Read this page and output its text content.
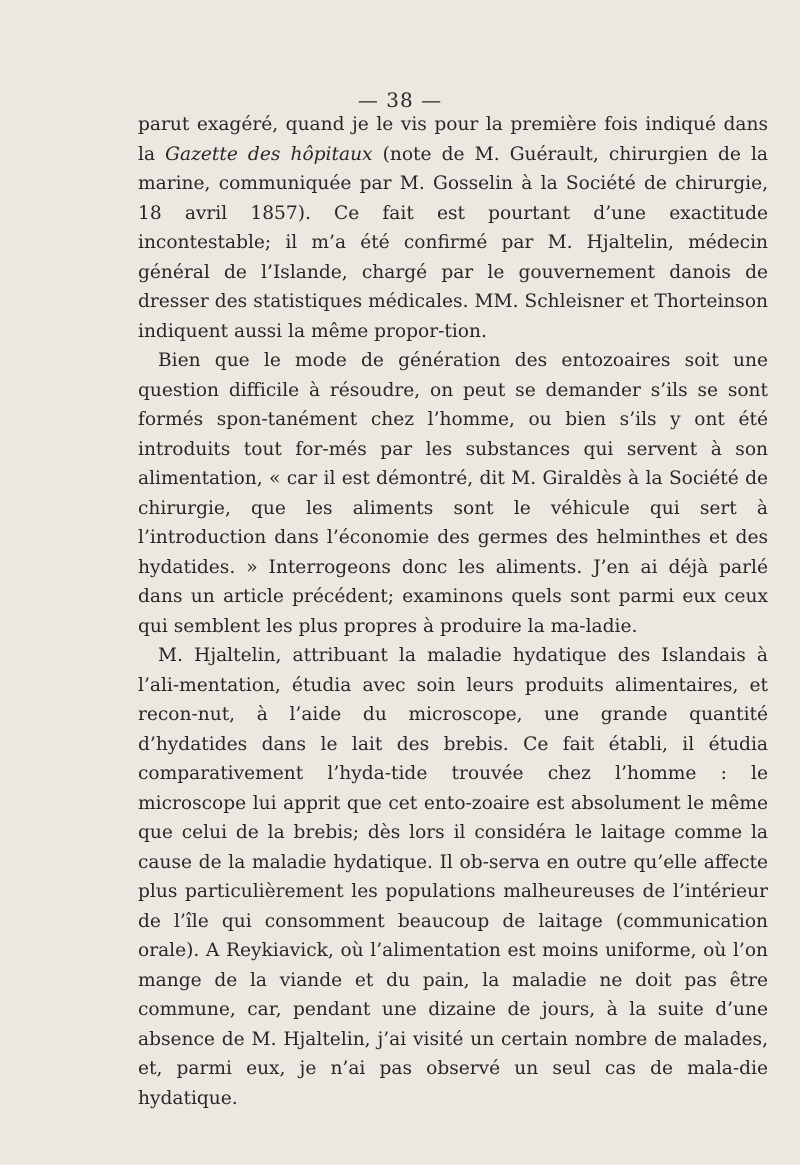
— 38 —

parut exagéré, quand je le vis pour la première fois indiqué dans la Gazette des hôpitaux (note de M. Guérault, chirurgien de la marine, communiquée par M. Gosselin à la Société de chirurgie, 18 avril 1857). Ce fait est pourtant d’une exactitude incontestable; il m’a été confirmé par M. Hjaltelin, médecin général de l’Islande, chargé par le gouvernement danois de dresser des statistiques médicales. MM. Schleisner et Thorteinson indiquent aussi la même propor-tion.

Bien que le mode de génération des entozoaires soit une question difficile à résoudre, on peut se demander s’ils se sont formés spon-tanément chez l’homme, ou bien s’ils y ont été introduits tout for-més par les substances qui servent à son alimentation, « car il est démontré, dit M. Giraldès à la Société de chirurgie, que les aliments sont le véhicule qui sert à l’introduction dans l’économie des germes des helminthes et des hydatides. » Interrogeons donc les aliments. J’en ai déjà parlé dans un article précédent; examinons quels sont parmi eux ceux qui semblent les plus propres à produire la ma-ladie.

M. Hjaltelin, attribuant la maladie hydatique des Islandais à l’ali-mentation, étudia avec soin leurs produits alimentaires, et recon-nut, à l’aide du microscope, une grande quantité d’hydatides dans le lait des brebis. Ce fait établi, il étudia comparativement l’hyda-tide trouvée chez l’homme : le microscope lui apprit que cet ento-zoaire est absolument le même que celui de la brebis; dès lors il considéra le laitage comme la cause de la maladie hydatique. Il ob-serva en outre qu’elle affecte plus particulièrement les populations malheureuses de l’intérieur de l’île qui consomment beaucoup de laitage (communication orale). A Reykiavick, où l’alimentation est moins uniforme, où l’on mange de la viande et du pain, la maladie ne doit pas être commune, car, pendant une dizaine de jours, à la suite d’une absence de M. Hjaltelin, j’ai visité un certain nombre de malades, et, parmi eux, je n’ai pas observé un seul cas de mala-die hydatique.
